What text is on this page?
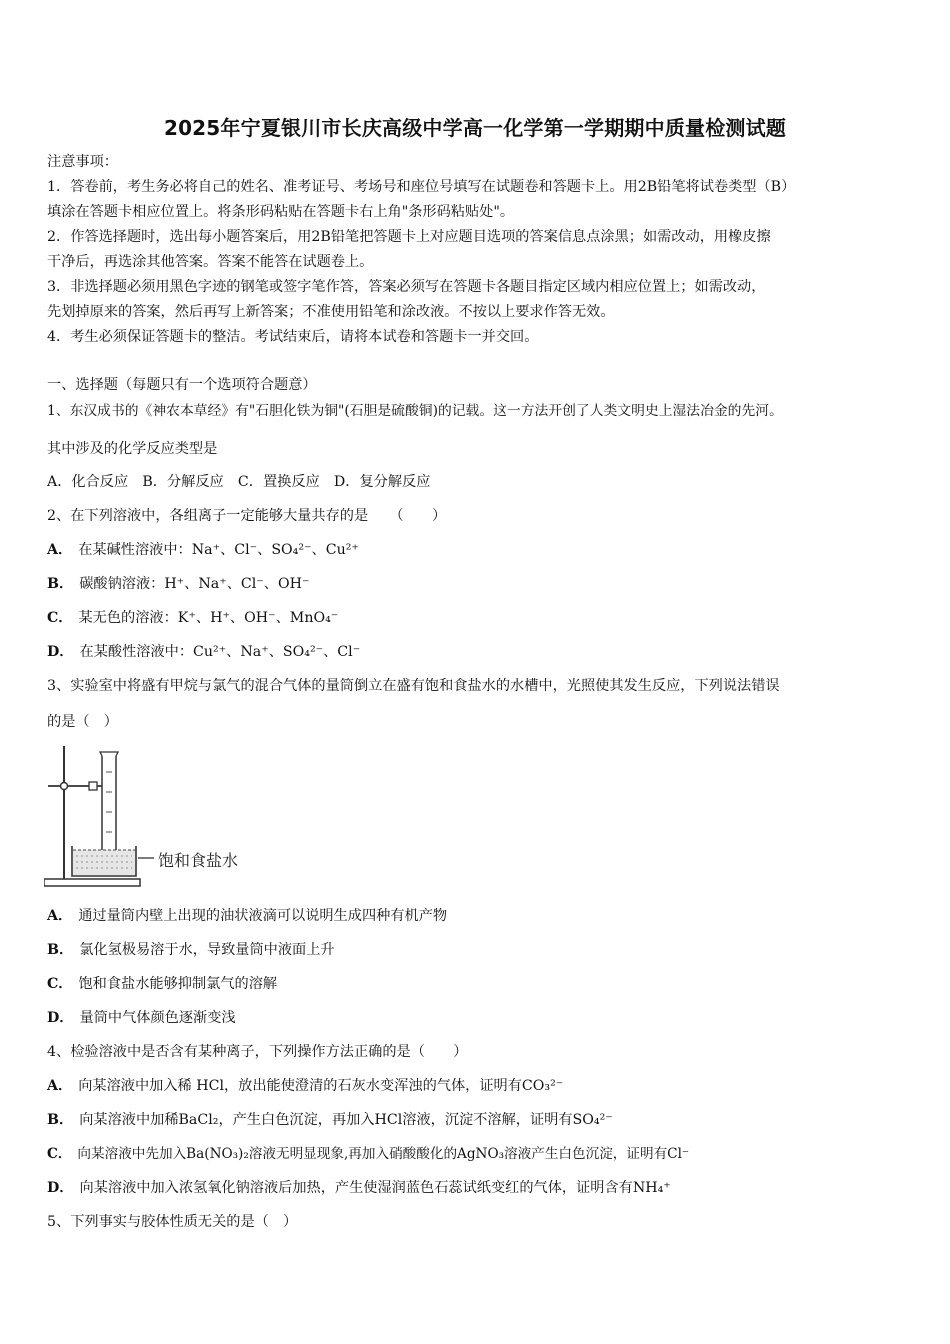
2025年宁夏银川市长庆高级中学高一化学第一学期期中质量检测试题
注意事项：
1．答卷前，考生务必将自己的姓名、准考证号、考场号和座位号填写在试题卷和答题卡上。用2B铅笔将试卷类型（B）
填涂在答题卡相应位置上。将条形码粘贴在答题卡右上角"条形码粘贴处"。
2．作答选择题时，选出每小题答案后，用2B铅笔把答题卡上对应题目选项的答案信息点涂黑；如需改动，用橡皮擦
干净后，再选涂其他答案。答案不能答在试题卷上。
3．非选择题必须用黑色字迹的钢笔或签字笔作答，答案必须写在答题卡各题目指定区域内相应位置上；如需改动，
先划掉原来的答案，然后再写上新答案；不准使用铅笔和涂改液。不按以上要求作答无效。
4．考生必须保证答题卡的整洁。考试结束后，请将本试卷和答题卡一并交回。
一、选择题（每题只有一个选项符合题意）
1、东汉成书的《神农本草经》有"石胆化铁为铜"(石胆是硫酸铜)的记载。这一方法开创了人类文明史上湿法冶金的先河。
其中涉及的化学反应类型是
A．化合反应　B．分解反应　C．置换反应　D．复分解反应
2、在下列溶液中，各组离子一定能够大量共存的是　　（　　）
A． 在某碱性溶液中：Na⁺、Cl⁻、SO₄²⁻、Cu²⁺
B． 碳酸钠溶液：H⁺、Na⁺、Cl⁻、OH⁻
C． 某无色的溶液：K⁺、H⁺、OH⁻、MnO₄⁻
D． 在某酸性溶液中：Cu²⁺、Na⁺、SO₄²⁻、Cl⁻
3、实验室中将盛有甲烷与氯气的混合气体的量筒倒立在盛有饱和食盐水的水槽中，光照使其发生反应，下列说法错误
的是（　）
饱和食盐水
A． 通过量筒内壁上出现的油状液滴可以说明生成四种有机产物
B． 氯化氢极易溶于水，导致量筒中液面上升
C． 饱和食盐水能够抑制氯气的溶解
D． 量筒中气体颜色逐渐变浅
4、检验溶液中是否含有某种离子，下列操作方法正确的是（　　）
A． 向某溶液中加入稀 HCl，放出能使澄清的石灰水变浑浊的气体，证明有CO₃²⁻
B． 向某溶液中加稀BaCl₂，产生白色沉淀，再加入HCl溶液，沉淀不溶解，证明有SO₄²⁻
C． 向某溶液中先加入Ba(NO₃)₂溶液无明显现象,再加入硝酸酸化的AgNO₃溶液产生白色沉淀，证明有Cl⁻
D． 向某溶液中加入浓氢氧化钠溶液后加热，产生使湿润蓝色石蕊试纸变红的气体，证明含有NH₄⁺
5、下列事实与胶体性质无关的是（　）
